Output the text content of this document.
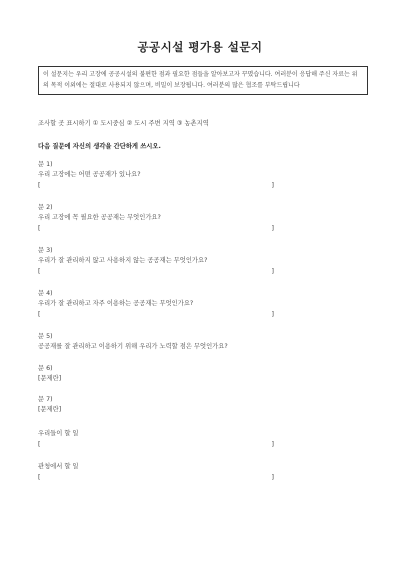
공공시설 평가용 설문지
이 설문지는 우리 고장에 공공시설의 불편한 점과 필요한 점들을 알아보고자 꾸몄습니다. 여러분이 응답해 주신 자료는 위의 목적 이외에는 절대로 사용되지 않으며, 비밀이 보장됩니다. 여러분의 많은 협조를 부탁드립니다
조사할 곳 표시하기 ① 도시중심 ② 도시 주변 지역 ③ 농촌지역
다음 질문에 자신의 생각을 간단하게 쓰시오.
문 1)
우리 고장에는 어떤 공공재가 있나요?
[	]
문 2)
우리 고장에 꼭 필요한 공공재는 무엇인가요?
[	]
문 3)
우리가 잘 관리하지 않고 사용하지 않는 공공재는 무엇인가요?
[	]
문 4)
우리가 잘 관리하고 자주 이용하는 공공재는 무엇인가요?
[	]
문 5)
공공재를 잘 관리하고 이용하기 위해 우리가 노력할 점은 무엇인가요?
문 6)
[문제란]
문 7)
[문제란]
우리들이 할 일
[	]
관청에서 할 일
[	]
